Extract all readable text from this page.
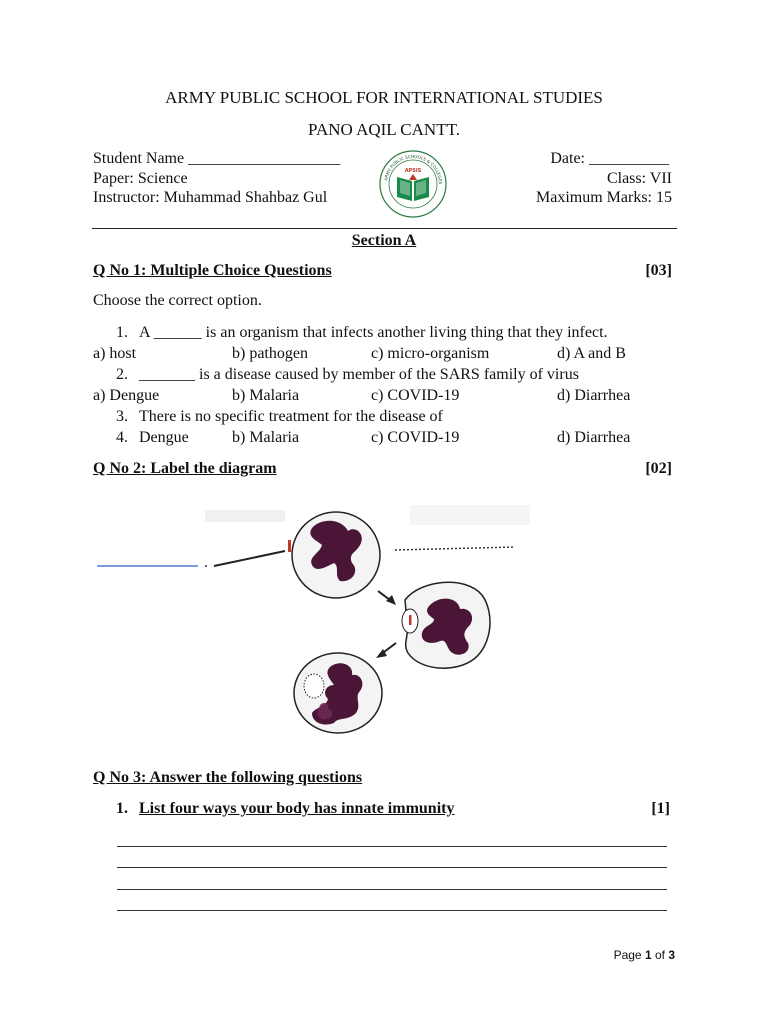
ARMY PUBLIC SCHOOL FOR INTERNATIONAL STUDIES
PANO AQIL CANTT.
Student Name ___________________
Paper: Science
Instructor: Muhammad Shahbaz Gul
Date: __________
Class: VII
Maximum Marks: 15
ARMY PUBLIC SCHOOLS & COLLEGES
APSIS
Section A
Q No 1: Multiple Choice Questions	[03]
Choose the correct option.
1. A ______ is an organism that infects another living thing that they infect.
a) host	b) pathogen	c) micro-organism	d) A and B
2. _______ is a disease caused by member of the SARS family of virus
a) Dengue	b) Malaria	c) COVID-19	d) Diarrhea
3. There is no specific treatment for the disease of
4. Dengue	b) Malaria	c) COVID-19	d) Diarrhea
Q No 2: Label the diagram	[02]
Q No 3: Answer the following questions
1. List four ways your body has innate immunity	[1]
Page 1 of 3
